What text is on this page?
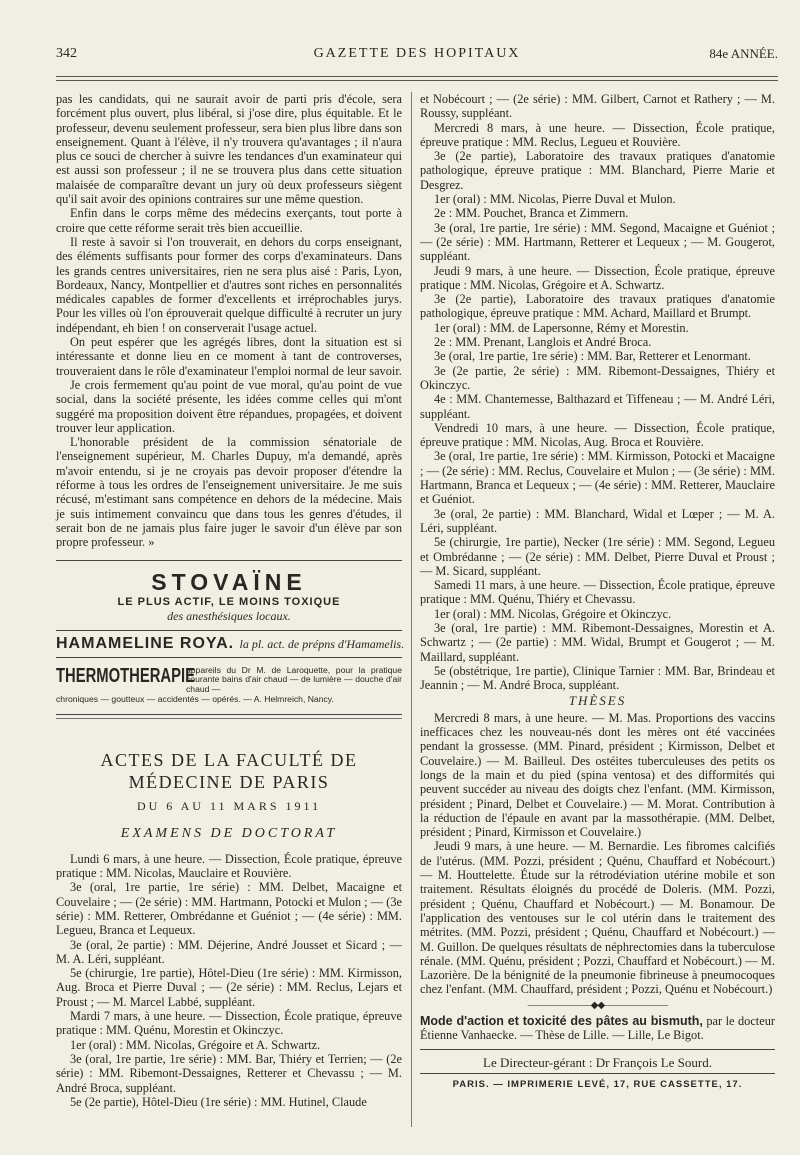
342	GAZETTE DES HOPITAUX	84e ANNÉE.

pas les candidats, qui ne saurait avoir de parti pris d'école, sera forcément plus ouvert, plus libéral, si j'ose dire, plus équitable. Et le professeur, devenu seulement professeur, sera bien plus libre dans son enseignement. Quant à l'élève, il n'y trouvera qu'avantages ; il n'aura plus ce souci de chercher à suivre les tendances d'un examinateur qui est aussi son professeur ; il ne se trouvera plus dans cette situation malaisée de comparaître devant un jury où deux professeurs siègent qu'il sait avoir des opinions contraires sur une même question.

Enfin dans le corps même des médecins exerçants, tout porte à croire que cette réforme serait très bien accueillie.

Il reste à savoir si l'on trouverait, en dehors du corps enseignant, des éléments suffisants pour former des corps d'examinateurs. Dans les grands centres universitaires, rien ne sera plus aisé : Paris, Lyon, Bordeaux, Nancy, Montpellier et d'autres sont riches en personnalités médicales capables de former d'excellents et irréprochables jurys. Pour les villes où l'on éprouverait quelque difficulté à recruter un jury indépendant, eh bien ! on conserverait l'usage actuel.

On peut espérer que les agrégés libres, dont la situation est si intéressante et donne lieu en ce moment à tant de controverses, trouveraient dans le rôle d'examinateur l'emploi normal de leur savoir.

Je crois fermement qu'au point de vue moral, qu'au point de vue social, dans la société présente, les idées comme celles qui m'ont suggéré ma proposition doivent être répandues, propagées, et doivent trouver leur application.

L'honorable président de la commission sénatoriale de l'enseignement supérieur, M. Charles Dupuy, m'a demandé, après m'avoir entendu, si je ne croyais pas devoir proposer d'étendre la réforme à tous les ordres de l'enseignement universitaire. Je me suis récusé, m'estimant sans compétence en dehors de la médecine. Mais je suis intimement convaincu que dans tous les genres d'études, il serait bon de ne jamais plus faire juger le savoir d'un élève par son propre professeur. »

STOVAÏNE
LE PLUS ACTIF, LE MOINS TOXIQUE
des anesthésiques locaux.
HAMAMELINE ROYA. la pl. act. de prépns d'Hamamelis.
THERMOTHERAPIE
appareils du Dr M. de Laroquette, pour la pratique courante bains d'air chaud — de lumière — douche d'air chaud —
chroniques — goutteux — accidentés — opérés. — A. Helmreich, Nancy.
ACTES DE LA FACULTÉ DE MÉDECINE DE PARIS
DU 6 AU 11 MARS 1911
EXAMENS DE DOCTORAT

Lundi 6 mars, à une heure. — Dissection, École pratique, épreuve pratique : MM. Nicolas, Mauclaire et Rouvière.

3e (oral, 1re partie, 1re série) : MM. Delbet, Macaigne et Couvelaire ; — (2e série) : MM. Hartmann, Potocki et Mulon ; — (3e série) : MM. Retterer, Ombrédanne et Guéniot ; — (4e série) : MM. Legueu, Branca et Lequeux.

3e (oral, 2e partie) : MM. Déjerine, André Jousset et Sicard ; — M. A. Léri, suppléant.

5e (chirurgie, 1re partie), Hôtel-Dieu (1re série) : MM. Kirmisson, Aug. Broca et Pierre Duval ; — (2e série) : MM. Reclus, Lejars et Proust ; — M. Marcel Labbé, suppléant.

Mardi 7 mars, à une heure. — Dissection, École pratique, épreuve pratique : MM. Quénu, Morestin et Okinczyc.

1er (oral) : MM. Nicolas, Grégoire et A. Schwartz.

3e (oral, 1re partie, 1re série) : MM. Bar, Thiéry et Terrien; — (2e série) : MM. Ribemont-Dessaignes, Retterer et Chevassu ; — M. André Broca, suppléant.

5e (2e partie), Hôtel-Dieu (1re série) : MM. Hutinel, Claude

et Nobécourt ; — (2e série) : MM. Gilbert, Carnot et Rathery ; — M. Roussy, suppléant.

Mercredi 8 mars, à une heure. — Dissection, École pratique, épreuve pratique : MM. Reclus, Legueu et Rouvière.

3e (2e partie), Laboratoire des travaux pratiques d'anatomie pathologique, épreuve pratique : MM. Blanchard, Pierre Marie et Desgrez.

1er (oral) : MM. Nicolas, Pierre Duval et Mulon.

2e : MM. Pouchet, Branca et Zimmern.

3e (oral, 1re partie, 1re série) : MM. Segond, Macaigne et Guéniot ; — (2e série) : MM. Hartmann, Retterer et Lequeux ; — M. Gougerot, suppléant.

Jeudi 9 mars, à une heure. — Dissection, École pratique, épreuve pratique : MM. Nicolas, Grégoire et A. Schwartz.

3e (2e partie), Laboratoire des travaux pratiques d'anatomie pathologique, épreuve pratique : MM. Achard, Maillard et Brumpt.

1er (oral) : MM. de Lapersonne, Rémy et Morestin.

2e : MM. Prenant, Langlois et André Broca.

3e (oral, 1re partie, 1re série) : MM. Bar, Retterer et Lenormant.

3e (2e partie, 2e série) : MM. Ribemont-Dessaignes, Thiéry et Okinczyc.

4e : MM. Chantemesse, Balthazard et Tiffeneau ; — M. André Léri, suppléant.

Vendredi 10 mars, à une heure. — Dissection, École pratique, épreuve pratique : MM. Nicolas, Aug. Broca et Rouvière.

3e (oral, 1re partie, 1re série) : MM. Kirmisson, Potocki et Macaigne ; — (2e série) : MM. Reclus, Couvelaire et Mulon ; — (3e série) : MM. Hartmann, Branca et Lequeux ; — (4e série) : MM. Retterer, Mauclaire et Guéniot.

3e (oral, 2e partie) : MM. Blanchard, Widal et Lœper ; — M. A. Léri, suppléant.

5e (chirurgie, 1re partie), Necker (1re série) : MM. Segond, Legueu et Ombrédanne ; — (2e série) : MM. Delbet, Pierre Duval et Proust ; — M. Sicard, suppléant.

Samedi 11 mars, à une heure. — Dissection, École pratique, épreuve pratique : MM. Quénu, Thiéry et Chevassu.

1er (oral) : MM. Nicolas, Grégoire et Okinczyc.

3e (oral, 1re partie) : MM. Ribemont-Dessaignes, Morestin et A. Schwartz ; — (2e partie) : MM. Widal, Brumpt et Gougerot ; — M. Maillard, suppléant.

5e (obstétrique, 1re partie), Clinique Tarnier : MM. Bar, Brindeau et Jeannin ; — M. André Broca, suppléant.

THÈSES

Mercredi 8 mars, à une heure. — M. Mas. Proportions des vaccins inefficaces chez les nouveau-nés dont les mères ont été vaccinées pendant la grossesse. (MM. Pinard, président ; Kirmisson, Delbet et Couvelaire.) — M. Bailleul. Des ostéites tuberculeuses des petits os longs de la main et du pied (spina ventosa) et des difformités qui peuvent succéder au niveau des doigts chez l'enfant. (MM. Kirmisson, président ; Pinard, Delbet et Couvelaire.) — M. Morat. Contribution à la réduction de l'épaule en avant par la massothérapie. (MM. Delbet, président ; Pinard, Kirmisson et Couvelaire.)

Jeudi 9 mars, à une heure. — M. Bernardie. Les fibromes calcifiés de l'utérus. (MM. Pozzi, président ; Quénu, Chauffard et Nobécourt.) — M. Houttelette. Étude sur la rétrodéviation utérine mobile et son traitement. Résultats éloignés du procédé de Doleris. (MM. Pozzi, président ; Quénu, Chauffard et Nobécourt.) — M. Bonamour. De l'application des ventouses sur le col utérin dans le traitement des métrites. (MM. Pozzi, président ; Quénu, Chauffard et Nobécourt.) — M. Guillon. De quelques résultats de néphrectomies dans la tuberculose rénale. (MM. Quénu, président ; Pozzi, Chauffard et Nobécourt.) — M. Lazorière. De la bénignité de la pneumonie fibrineuse à pneumocoques chez l'enfant. (MM. Chauffard, président ; Pozzi, Quénu et Nobécourt.)

———————◆◆———————

Mode d'action et toxicité des pâtes au bismuth, par le docteur Étienne Vanhaecke. — Thèse de Lille. — Lille, Le Bigot.

Le Directeur-gérant : Dr François Le Sourd.
PARIS. — IMPRIMERIE LEVÉ, 17, RUE CASSETTE, 17.
